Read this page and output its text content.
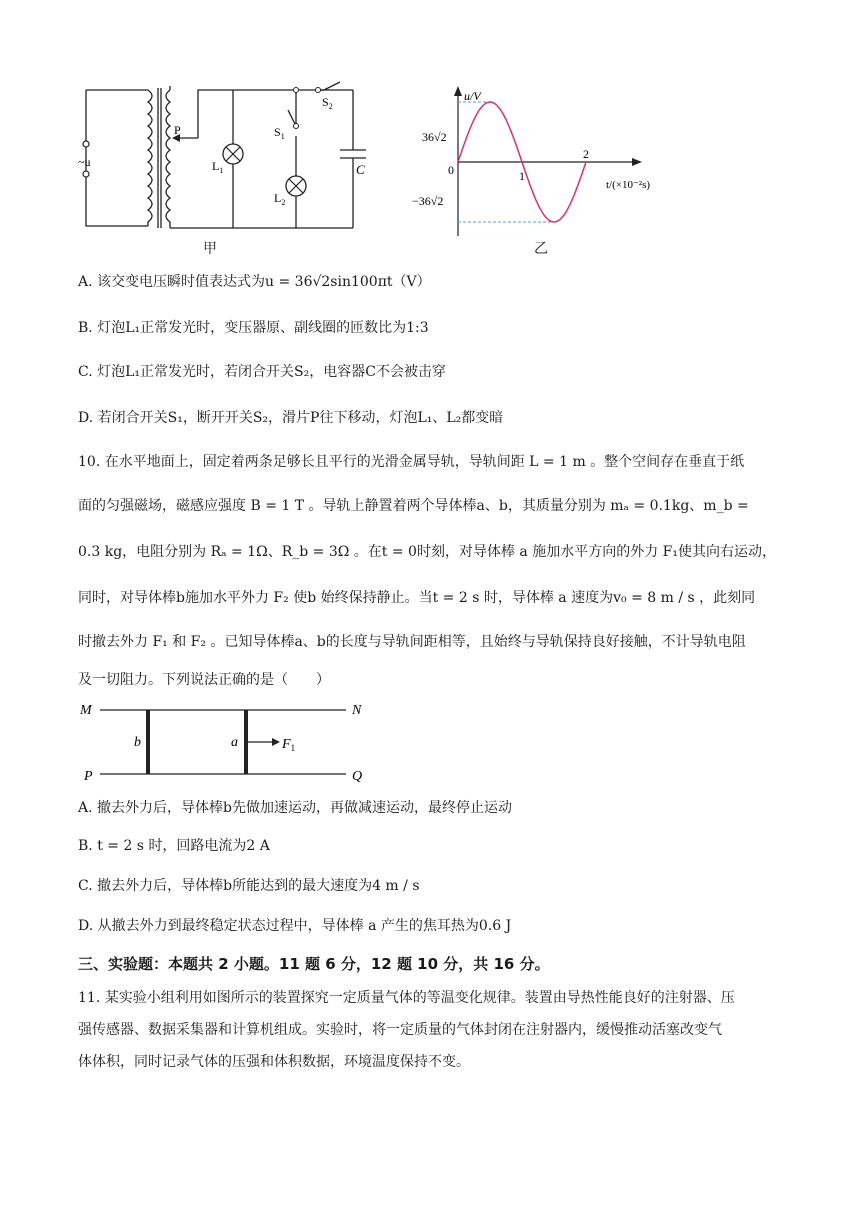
~u
P
$L_1$
$L_2$
$S_1$
$S_2$
C
甲
u/V
t/(×10⁻²s)
36√2
−36√2
0	1
2
乙
A. 该交变电压瞬时值表达式为u = 36√2sin100πt（V）
B. 灯泡L₁正常发光时，变压器原、副线圈的匝数比为1:3
C. 灯泡L₁正常发光时，若闭合开关S₂，电容器C不会被击穿
D. 若闭合开关S₁，断开开关S₂，滑片P往下移动，灯泡L₁、L₂都变暗
10. 在水平地面上，固定着两条足够长且平行的光滑金属导轨，导轨间距 L = 1 m 。整个空间存在垂直于纸
面的匀强磁场，磁感应强度 B = 1 T 。导轨上静置着两个导体棒a、b，其质量分别为 mₐ = 0.1kg、m_b =
0.3 kg，电阻分别为 Rₐ = 1Ω、R_b = 3Ω 。在t = 0时刻，对导体棒 a 施加水平方向的外力 F₁使其向右运动，
同时，对导体棒b施加水平外力 F₂ 使b 始终保持静止。当t = 2 s 时，导体棒 a 速度为v₀ = 8 m / s ，此刻同
时撤去外力 F₁ 和 F₂ 。已知导体棒a、b的长度与导轨间距相等，且始终与导轨保持良好接触，不计导轨电阻
及一切阻力。下列说法正确的是（　　）
M	N
P	Q
b	a	$F_1$
A. 撤去外力后，导体棒b先做加速运动，再做减速运动，最终停止运动
B. t = 2 s 时，回路电流为2 A
C. 撤去外力后，导体棒b所能达到的最大速度为4 m / s
D. 从撤去外力到最终稳定状态过程中，导体棒 a 产生的焦耳热为0.6 J
三、实验题：本题共 2 小题。11 题 6 分，12 题 10 分，共 16 分。
11. 某实验小组利用如图所示的装置探究一定质量气体的等温变化规律。装置由导热性能良好的注射器、压
强传感器、数据采集器和计算机组成。实验时，将一定质量的气体封闭在注射器内，缓慢推动活塞改变气
体体积，同时记录气体的压强和体积数据，环境温度保持不变。
